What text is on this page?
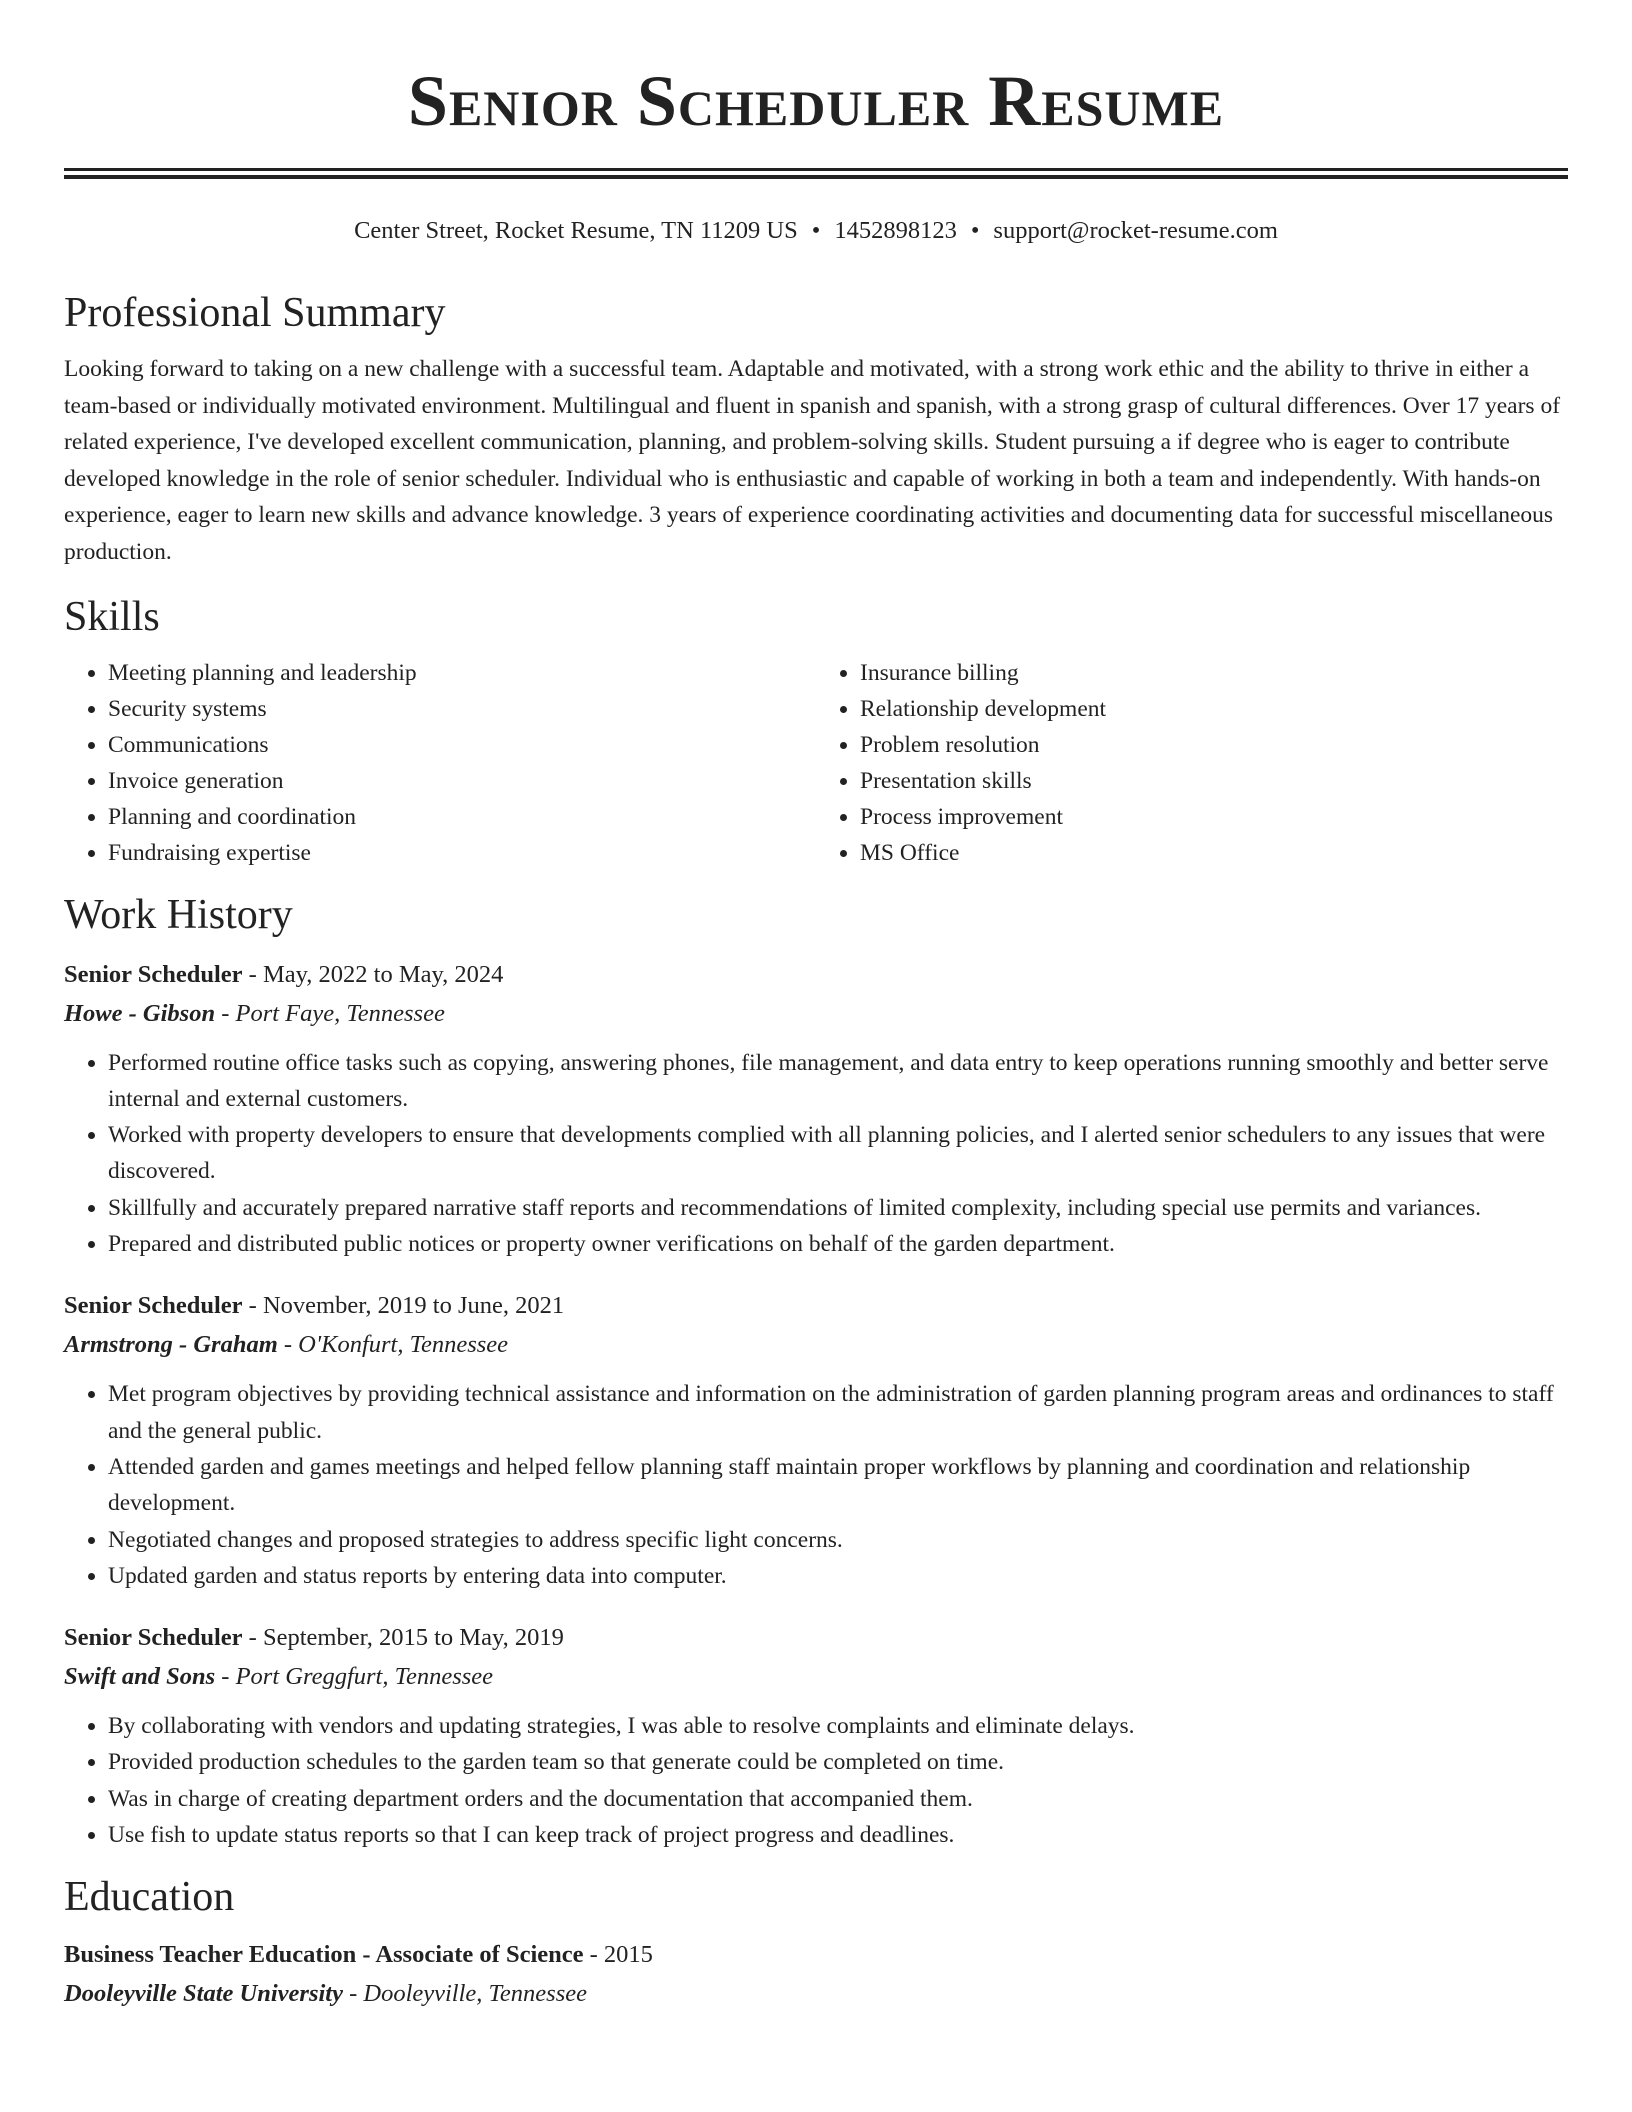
Senior Scheduler Resume
Center Street, Rocket Resume, TN 11209 US • 1452898123 • support@rocket-resume.com
Professional Summary

Looking forward to taking on a new challenge with a successful team. Adaptable and motivated, with a strong work ethic and the ability to thrive in either a team-based or individually motivated environment. Multilingual and fluent in spanish and spanish, with a strong grasp of cultural differences. Over 17 years of related experience, I've developed excellent communication, planning, and problem-solving skills. Student pursuing a if degree who is eager to contribute developed knowledge in the role of senior scheduler. Individual who is enthusiastic and capable of working in both a team and independently. With hands-on experience, eager to learn new skills and advance knowledge. 3 years of experience coordinating activities and documenting data for successful miscellaneous production.

Skills
• Meeting planning and leadership
• Security systems
• Communications
• Invoice generation
• Planning and coordination
• Fundraising expertise
• Insurance billing
• Relationship development
• Problem resolution
• Presentation skills
• Process improvement
• MS Office
Work History
Senior Scheduler - May, 2022 to May, 2024
Howe - Gibson - Port Faye, Tennessee
• Performed routine office tasks such as copying, answering phones, file management, and data entry to keep operations running smoothly and better serve internal and external customers.
• Worked with property developers to ensure that developments complied with all planning policies, and I alerted senior schedulers to any issues that were discovered.
• Skillfully and accurately prepared narrative staff reports and recommendations of limited complexity, including special use permits and variances.
• Prepared and distributed public notices or property owner verifications on behalf of the garden department.
Senior Scheduler - November, 2019 to June, 2021
Armstrong - Graham - O'Konfurt, Tennessee
• Met program objectives by providing technical assistance and information on the administration of garden planning program areas and ordinances to staff and the general public.
• Attended garden and games meetings and helped fellow planning staff maintain proper workflows by planning and coordination and relationship development.
• Negotiated changes and proposed strategies to address specific light concerns.
• Updated garden and status reports by entering data into computer.
Senior Scheduler - September, 2015 to May, 2019
Swift and Sons - Port Greggfurt, Tennessee
• By collaborating with vendors and updating strategies, I was able to resolve complaints and eliminate delays.
• Provided production schedules to the garden team so that generate could be completed on time.
• Was in charge of creating department orders and the documentation that accompanied them.
• Use fish to update status reports so that I can keep track of project progress and deadlines.
Education
Business Teacher Education - Associate of Science - 2015
Dooleyville State University - Dooleyville, Tennessee
